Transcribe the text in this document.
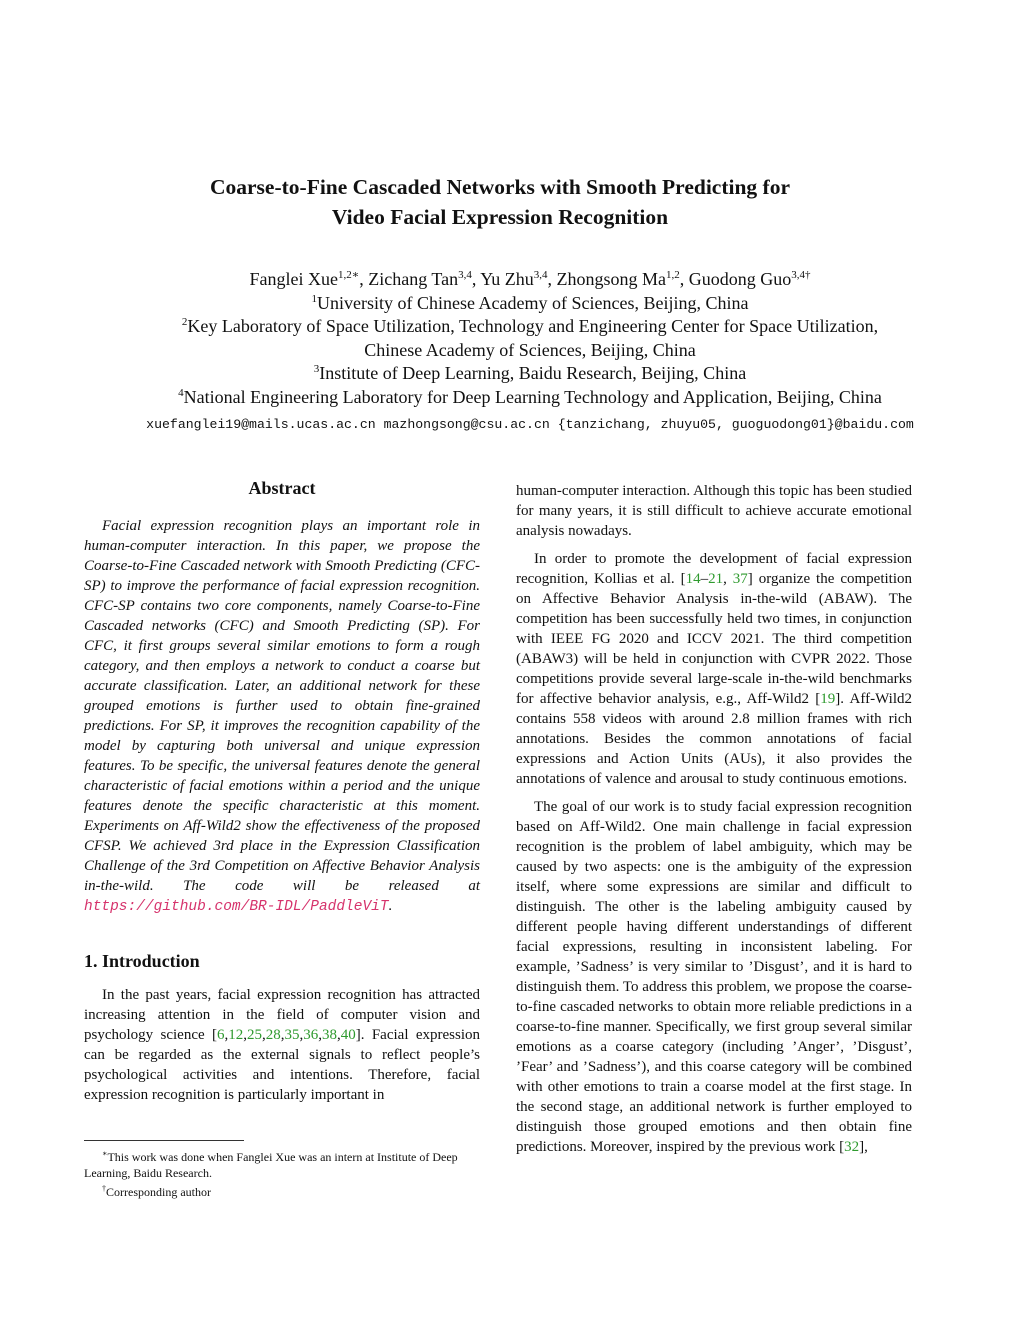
Coarse-to-Fine Cascaded Networks with Smooth Predicting for
Video Facial Expression Recognition
Fanglei Xue$^{1,2∗}$, Zichang Tan$^{3,4}$, Yu Zhu$^{3,4}$, Zhongsong Ma$^{1,2}$, Guodong Guo$^{3,4\dagger}$
$^1$University of Chinese Academy of Sciences, Beijing, China
$^2$Key Laboratory of Space Utilization, Technology and Engineering Center for Space Utilization,
Chinese Academy of Sciences, Beijing, China
$^3$Institute of Deep Learning, Baidu Research, Beijing, China
$^4$National Engineering Laboratory for Deep Learning Technology and Application, Beijing, China
xuefanglei19@mails.ucas.ac.cn mazhongsong@csu.ac.cn {tanzichang, zhuyu05, guoguodong01}@baidu.com
Abstract

Facial expression recognition plays an important role in human-computer interaction. In this paper, we propose the Coarse-to-Fine Cascaded network with Smooth Predicting (CFC-SP) to improve the performance of facial expression recognition. CFC-SP contains two core components, namely Coarse-to-Fine Cascaded networks (CFC) and Smooth Predicting (SP). For CFC, it first groups several similar emotions to form a rough category, and then employs a network to conduct a coarse but accurate classification. Later, an additional network for these grouped emotions is further used to obtain fine-grained predictions. For SP, it improves the recognition capability of the model by capturing both universal and unique expression features. To be specific, the universal features denote the general characteristic of facial emotions within a period and the unique features denote the specific characteristic at this moment. Experiments on Aff-Wild2 show the effectiveness of the proposed CFSP. We achieved 3rd place in the Expression Classification Challenge of the 3rd Competition on Affective Behavior Analysis in-the-wild. The code will be released at https://github.com/BR-IDL/PaddleViT.

1. Introduction

In the past years, facial expression recognition has attracted increasing attention in the field of computer vision and psychology science [6,12,25,28,35,36,38,40]. Facial expression can be regarded as the external signals to reflect people’s psychological activities and intentions. Therefore, facial expression recognition is particularly important in

∗This work was done when Fanglei Xue was an intern at Institute of Deep Learning, Baidu Research.

†Corresponding author

human-computer interaction. Although this topic has been studied for many years, it is still difficult to achieve accurate emotional analysis nowadays.

In order to promote the development of facial expression recognition, Kollias et al. [14–21, 37] organize the competition on Affective Behavior Analysis in-the-wild (ABAW). The competition has been successfully held two times, in conjunction with IEEE FG 2020 and ICCV 2021. The third competition (ABAW3) will be held in conjunction with CVPR 2022. Those competitions provide several large-scale in-the-wild benchmarks for affective behavior analysis, e.g., Aff-Wild2 [19]. Aff-Wild2 contains 558 videos with around 2.8 million frames with rich annotations. Besides the common annotations of facial expressions and Action Units (AUs), it also provides the annotations of valence and arousal to study continuous emotions.

The goal of our work is to study facial expression recognition based on Aff-Wild2. One main challenge in facial expression recognition is the problem of label ambiguity, which may be caused by two aspects: one is the ambiguity of the expression itself, where some expressions are similar and difficult to distinguish. The other is the labeling ambiguity caused by different people having different understandings of different facial expressions, resulting in inconsistent labeling. For example, ’Sadness’ is very similar to ’Disgust’, and it is hard to distinguish them. To address this problem, we propose the coarse-to-fine cascaded networks to obtain more reliable predictions in a coarse-to-fine manner. Specifically, we first group several similar emotions as a coarse category (including ’Anger’, ’Disgust’, ’Fear’ and ’Sadness’), and this coarse category will be combined with other emotions to train a coarse model at the first stage. In the second stage, an additional network is further employed to distinguish those grouped emotions and then obtain fine predictions. Moreover, inspired by the previous work [32],
